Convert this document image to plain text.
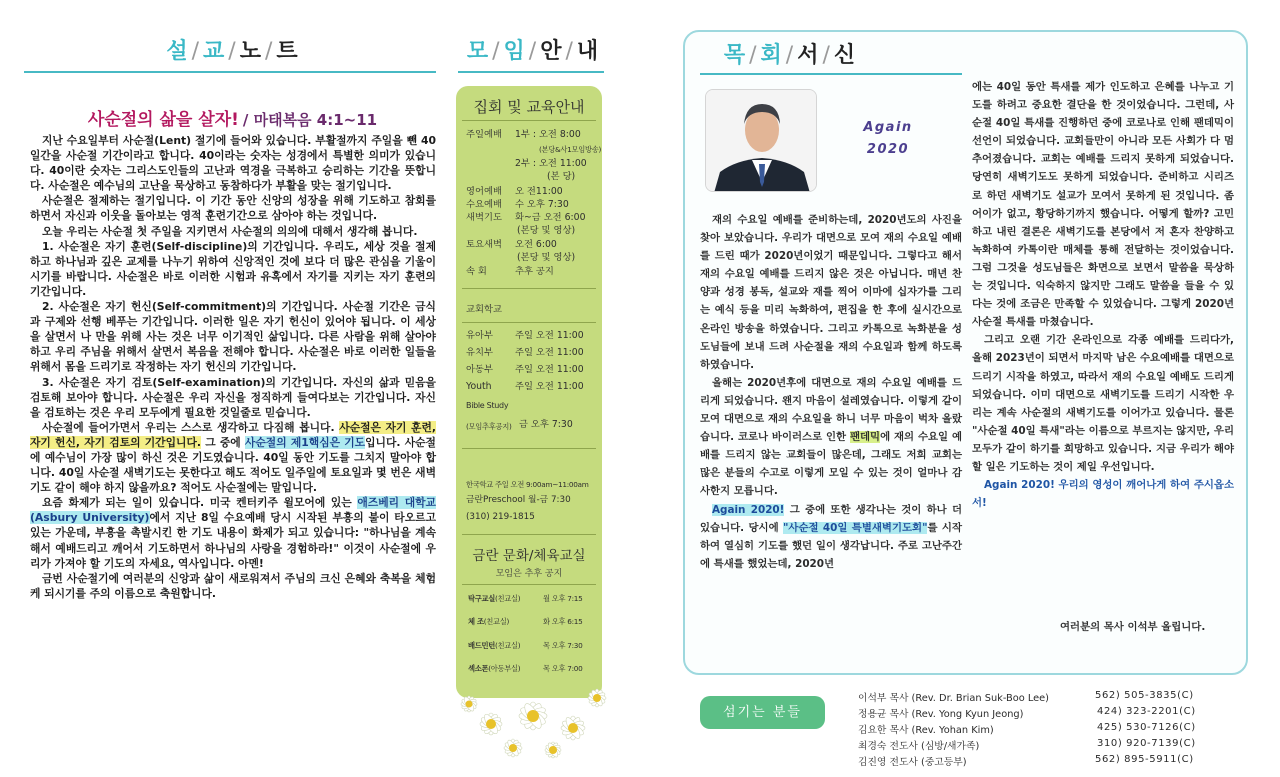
설 / 교 / 노 / 트
사순절의 삶을 살자! / 마태복음 4:1~11

지난 수요일부터 사순절(Lent) 절기에 들어와 있습니다. 부활절까지 주일을 뺀 40일간을 사순절 기간이라고 합니다. 40이라는 숫자는 성경에서 특별한 의미가 있습니다. 40이란 숫자는 그리스도인들의 고난과 역경을 극복하고 승리하는 기간을 뜻합니다. 사순절은 예수님의 고난을 묵상하고 동참하다가 부활을 맞는 절기입니다.

사순절은 절제하는 절기입니다. 이 기간 동안 신앙의 성장을 위해 기도하고 참회를 하면서 자신과 이웃을 돌아보는 영적 훈련기간으로 삼아야 하는 것입니다.

오늘 우리는 사순절 첫 주일을 지키면서 사순절의 의의에 대해서 생각해 봅니다.

1. 사순절은 자기 훈련(Self-discipline)의 기간입니다. 우리도, 세상 것을 절제하고 하나님과 깊은 교제를 나누기 위하여 신앙적인 것에 보다 더 많은 관심을 기울이시기를 바랍니다. 사순절은 바로 이러한 시험과 유혹에서 자기를 지키는 자기 훈련의 기간입니다.

2. 사순절은 자기 헌신(Self-commitment)의 기간입니다. 사순절 기간은 금식과 구제와 선행 베푸는 기간입니다. 이러한 일은 자기 헌신이 있어야 됩니다. 이 세상을 살면서 나 만을 위해 사는 것은 너무 이기적인 삶입니다. 다른 사람을 위해 살아야 하고 우리 주님을 위해서 살면서 복음을 전해야 합니다. 사순절은 바로 이러한 일들을 위해서 몸을 드리기로 작정하는 자기 헌신의 기간입니다.

3. 사순절은 자기 검토(Self-examination)의 기간입니다. 자신의 삶과 믿음을 검토해 보아야 합니다. 사순절은 우리 자신을 정직하게 들여다보는 기간입니다. 자신을 검토하는 것은 우리 모두에게 필요한 것일줄로 믿습니다.

사순절에 들어가면서 우리는 스스로 생각하고 다짐해 봅니다. 사순절은 자기 훈련, 자기 헌신, 자기 검토의 기간입니다. 그 중에 사순절의 제1핵심은 기도입니다. 사순절에 예수님이 가장 많이 하신 것은 기도였습니다. 40일 동안 기도를 그치지 말아야 합니다. 40일 사순절 새벽기도는 못한다고 해도 적어도 일주일에 토요일과 몇 번은 새벽기도 같이 해야 하지 않을까요? 적어도 사순절에는 말입니다.

요즘 화제가 되는 일이 있습니다. 미국 켄터키주 윌모어에 있는 애즈베리 대학교(Asbury University)에서 지난 8일 수요예배 당시 시작된 부흥의 불이 타오르고 있는 가운데, 부흥을 촉발시킨 한 기도 내용이 화제가 되고 있습니다: "하나님을 계속해서 예배드리고 깨어서 기도하면서 하나님의 사랑을 경험하라!" 이것이 사순절에 우리가 가져야 할 기도의 자세요, 역사입니다. 아멘!

금번 사순절기에 여러분의 신앙과 삶이 새로워져서 주님의 크신 은혜와 축복을 체험케 되시기를 주의 이름으로 축원합니다.

모 / 임 / 안 / 내
집회 및 교육안내
주일예배 1부 : 오전 8:00
(본당&사1모임방송)
2부 : 오전 11:00
(본 당)
영어예배 오 전11:00
수요예배 수 오후 7:30
새벽기도 화~금 오전 6:00
(본당 및 영상)
토요새벽 오전 6:00
(본당 및 영상)
속 회	추후 공지
교회학교
유아부 주일 오전 11:00
유치부 주일 오전 11:00
아동부 주일 오전 11:00
Youth	주일 오전 11:00
Bible Study
(모임추후공지) 금 오후 7:30
한국학교 주일 오전 9:00am~11:00am
금란Preschool 월-금 7:30
(310) 219-1815
금란 문화/체육교실
모임은 추후 공지
탁구교실(친교실)	월 오후 7:15
체 조(친교실)	화 오후 6:15
배드민턴(친교실)	목 오후 7:30
섹소폰(아동부실)	목 오후 7:00
목 / 회 / 서 / 신
Again
2020

재의 수요일 예배를 준비하는데, 2020년도의 사진을 찾아 보았습니다. 우리가 대면으로 모여 재의 수요일 예배를 드린 때가 2020년이었기 때문입니다. 그렇다고 해서 재의 수요일 예배를 드리지 않은 것은 아닙니다. 매년 찬양과 성경 봉독, 설교와 재를 찍어 이마에 십자가를 그리는 예식 등을 미리 녹화하여, 편집을 한 후에 실시간으로 온라인 방송을 하였습니다. 그리고 카톡으로 녹화분을 성도님들에 보내 드려 사순절을 재의 수요일과 함께 하도록 하였습니다.

올해는 2020년후에 대면으로 재의 수요일 예배를 드리게 되었습니다. 왠지 마음이 설레였습니다. 이렇게 같이 모여 대면으로 재의 수요일을 하니 너무 마음이 벅차 올랐습니다. 코로나 바이러스로 인한 팬데믹에 재의 수요일 예배를 드리지 않는 교회들이 많은데, 그래도 저희 교회는 많은 분들의 수고로 이렇게 모일 수 있는 것이 얼마나 감사한지 모릅니다.

Again 2020! 그 중에 또한 생각나는 것이 하나 더 있습니다. 당시에 "사순절 40일 특별새벽기도회"를 시작하여 열심히 기도를 했던 일이 생각납니다. 주로 고난주간에 특새를 했었는데, 2020년

에는 40일 동안 특새를 제가 인도하고 은혜를 나누고 기도를 하려고 중요한 결단을 한 것이었습니다. 그런데, 사순절 40일 특새를 진행하던 중에 코로나로 인해 팬데믹이 선언이 되었습니다. 교회들만이 아니라 모든 사회가 다 멈추어졌습니다. 교회는 예배를 드리지 못하게 되었습니다. 당연히 새벽기도도 못하게 되었습니다. 준비하고 시리즈로 하던 새벽기도 설교가 모여서 못하게 된 것입니다. 좀 어이가 없고, 황당하기까지 했습니다. 어떻게 할까? 고민하고 내린 결론은 새벽기도를 본당에서 저 혼자 찬양하고 녹화하여 카톡이란 매체를 통해 전달하는 것이었습니다. 그럼 그것을 성도님들은 화면으로 보면서 말씀을 묵상하는 것입니다. 익숙하지 않지만 그래도 말씀을 들을 수 있다는 것에 조금은 만족할 수 있었습니다. 그렇게 2020년 사순절 특새를 마쳤습니다.

그리고 오랜 기간 온라인으로 각종 예배를 드리다가, 올해 2023년이 되면서 마지막 남은 수요예배를 대면으로 드리기 시작을 하였고, 따라서 재의 수요일 예배도 드리게 되었습니다. 이미 대면으로 새벽기도를 드리기 시작한 우리는 계속 사순절의 새벽기도를 이어가고 있습니다. 물론 "사순절 40일 특새"라는 이름으로 부르지는 않지만, 우리 모두가 같이 하기를 희망하고 있습니다. 지금 우리가 해야 할 일은 기도하는 것이 제일 우선입니다.

Again 2020! 우리의 영성이 깨어나게 하여 주시옵소서!

여러분의 목사 이석부 올립니다.
섬기는 분들
이석부 목사 (Rev. Dr. Brian Suk-Boo Lee)	562) 505-3835(C)
정용균 목사 (Rev. Yong Kyun Jeong)	424) 323-2201(C)
김요한 목사 (Rev. Yohan Kim)	425) 530-7126(C)
최경숙 전도사 (심방/새가족)	310) 920-7139(C)
김진영 전도사 (중고등부)	562) 895-5911(C)
